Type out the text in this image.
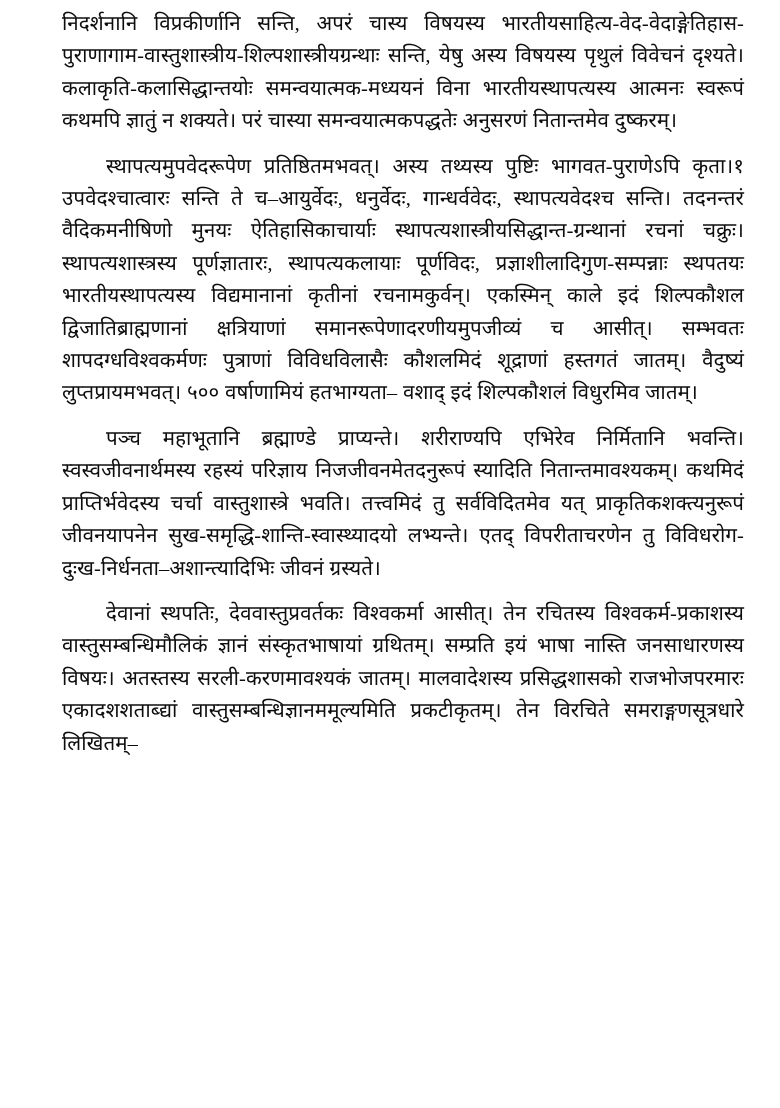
निदर्शनानि विप्रकीर्णानि सन्ति, अपरं चास्य विषयस्य भारतीयसाहित्य-वेद-वेदाङ्गेतिहास-पुराणागाम-वास्तुशास्त्रीय-शिल्पशास्त्रीयग्रन्थाः सन्ति, येषु अस्य विषयस्य पृथुलं विवेचनं दृश्यते। कलाकृति-कलासिद्धान्तयोः समन्वयात्मक-मध्ययनं विना भारतीयस्थापत्यस्य आत्मनः स्वरूपं कथमपि ज्ञातुं न शक्यते। परं चास्या समन्वयात्मकपद्धतेः अनुसरणं नितान्तमेव दुष्करम्।

स्थापत्यमुपवेदरूपेण प्रतिष्ठितमभवत्। अस्य तथ्यस्य पुष्टिः भागवत-पुराणेऽपि कृता।१ उपवेदश्चात्वारः सन्ति ते च–आयुर्वेदः, धनुर्वेदः, गान्धर्ववेदः, स्थापत्यवेदश्च सन्ति। तदनन्तरं वैदिकमनीषिणो मुनयः ऐतिहासिकाचार्याः स्थापत्यशास्त्रीयसिद्धान्त-ग्रन्थानां रचनां चक्रुः। स्थापत्यशास्त्रस्य पूर्णज्ञातारः, स्थापत्यकलायाः पूर्णविदः, प्रज्ञाशीलादिगुण-सम्पन्नाः स्थपतयः भारतीयस्थापत्यस्य विद्यमानानां कृतीनां रचनामकुर्वन्। एकस्मिन् काले इदं शिल्पकौशल द्विजातिब्राह्मणानां क्षत्रियाणां समानरूपेणादरणीयमुपजीव्यं च आसीत्। सम्भवतः शापदग्धविश्वकर्मणः पुत्राणां विविधविलासैः कौशलमिदं शूद्राणां हस्तगतं जातम्। वैदुष्यं लुप्तप्रायमभवत्। ५०० वर्षाणामियं हतभाग्यता– वशाद् इदं शिल्पकौशलं विधुरमिव जातम्।

पञ्च महाभूतानि ब्रह्माण्डे प्राप्यन्ते। शरीराण्यपि एभिरेव निर्मितानि भवन्ति। स्वस्वजीवनार्थमस्य रहस्यं परिज्ञाय निजजीवनमेतदनुरूपं स्यादिति नितान्तमावश्यकम्। कथमिदं प्राप्तिर्भवेदस्य चर्चा वास्तुशास्त्रे भवति। तत्त्वमिदं तु सर्वविदितमेव यत् प्राकृतिकशक्त्यनुरूपं जीवनयापनेन सुख-समृद्धि-शान्ति-स्वास्थ्यादयो लभ्यन्ते। एतद् विपरीताचरणेन तु विविधरोग-दुःख-निर्धनता–अशान्त्यादिभिः जीवनं ग्रस्यते।

देवानां स्थपतिः, देववास्तुप्रवर्तकः विश्वकर्मा आसीत्। तेन रचितस्य विश्वकर्म-प्रकाशस्य वास्तुसम्बन्धिमौलिकं ज्ञानं संस्कृतभाषायां ग्रथितम्। सम्प्रति इयं भाषा नास्ति जनसाधारणस्य विषयः। अतस्तस्य सरली-करणमावश्यकं जातम्। मालवादेशस्य प्रसिद्धशासको राजभोजपरमारः एकादशशताब्द्यां वास्तुसम्बन्धिज्ञानममूल्यमिति प्रकटीकृतम्। तेन विरचिते समराङ्गणसूत्रधारे लिखितम्–
